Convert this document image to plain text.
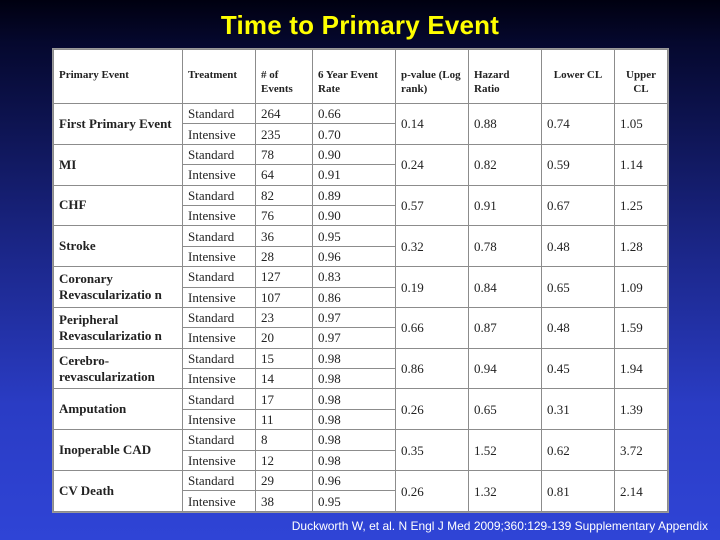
Time to Primary Event
Primary Event	Treatment	# of Events	6 Year Event Rate	p-value (Log rank)	Hazard Ratio	Lower CL	Upper CL
First Primary Event	Standard	264	0.66	0.14	0.88	0.74	1.05
	Intensive	235	0.70				
MI	Standard	78	0.90	0.24	0.82	0.59	1.14
	Intensive	64	0.91				
CHF	Standard	82	0.89	0.57	0.91	0.67	1.25
	Intensive	76	0.90				
Stroke	Standard	36	0.95	0.32	0.78	0.48	1.28
	Intensive	28	0.96				
Coronary Revascularizatio n	Standard	127	0.83	0.19	0.84	0.65	1.09
	Intensive	107	0.86				
Peripheral Revascularizatio n	Standard	23	0.97	0.66	0.87	0.48	1.59
	Intensive	20	0.97				
Cerebro-revascularization	Standard	15	0.98	0.86	0.94	0.45	1.94
	Intensive	14	0.98				
Amputation	Standard	17	0.98	0.26	0.65	0.31	1.39
	Intensive	11	0.98				
Inoperable CAD	Standard	8	0.98	0.35	1.52	0.62	3.72
	Intensive	12	0.98				
CV Death	Standard	29	0.96	0.26	1.32	0.81	2.14
	Intensive	38	0.95				
Duckworth W, et al. N Engl J Med 2009;360:129-139 Supplementary Appendix
